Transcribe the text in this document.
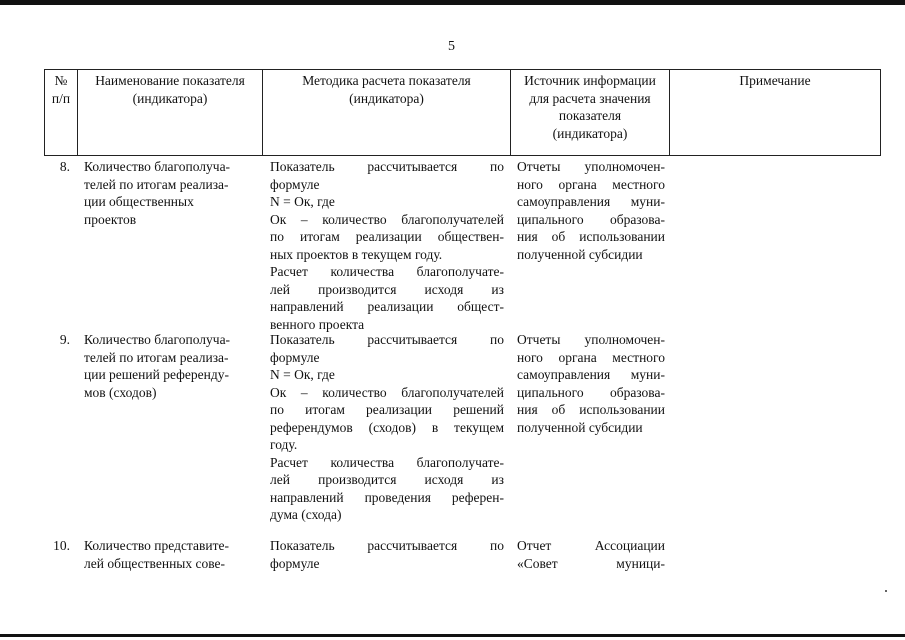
5
№
п/п
Наименование показателя
(индикатора)
Методика расчета показателя
(индикатора)
Источник информации
для расчета значения
показателя
(индикатора)
Примечание
8. Количество благополуча-
телей по итогам реализа-
ции общественных
проектов
Показатель рассчитывается по
формуле
N = Oк, где
Oк – количество благополучателей
по итогам реализации обществен-
ных проектов в текущем году.
Расчет количества благополучате-
лей производится исходя из
направлений реализации общест-
венного проекта
Отчеты уполномочен-
ного органа местного
самоуправления муни-
ципального образова-
ния об использовании
полученной субсидии
9. Количество благополуча-
телей по итогам реализа-
ции решений референду-
мов (сходов)
Показатель рассчитывается по
формуле
N = Oк, где
Oк – количество благополучателей
по итогам реализации решений
референдумов (сходов) в текущем
году.
Расчет количества благополучате-
лей производится исходя из
направлений проведения референ-
дума (схода)
Отчеты уполномочен-
ного органа местного
самоуправления муни-
ципального образова-
ния об использовании
полученной субсидии
10. Количество представите-
лей общественных сове-
Показатель рассчитывается по
формуле
Отчет Ассоциации
«Совет муници-
